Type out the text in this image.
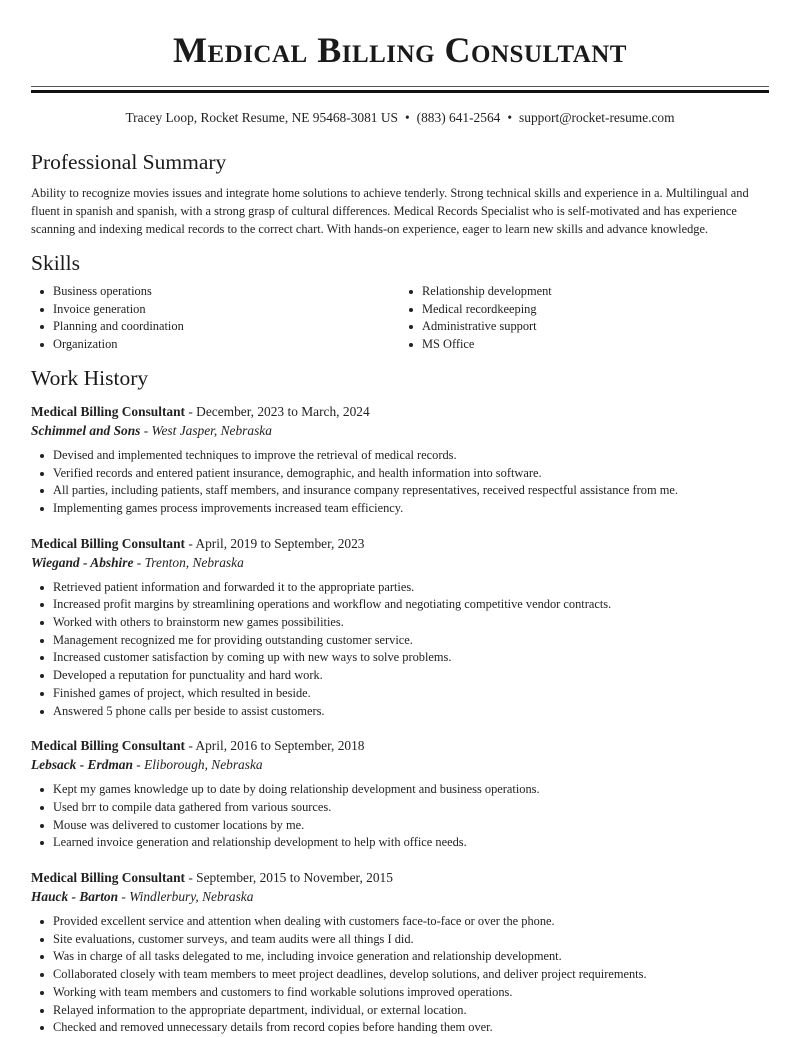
Medical Billing Consultant
Tracey Loop, Rocket Resume, NE 95468-3081 US • (883) 641-2564 • support@rocket-resume.com
Professional Summary

Ability to recognize movies issues and integrate home solutions to achieve tenderly. Strong technical skills and experience in a. Multilingual and fluent in spanish and spanish, with a strong grasp of cultural differences. Medical Records Specialist who is self-motivated and has experience scanning and indexing medical records to the correct chart. With hands-on experience, eager to learn new skills and advance knowledge.

Skills
Business operations
Invoice generation
Planning and coordination
Organization
Relationship development
Medical recordkeeping
Administrative support
MS Office
Work History
Medical Billing Consultant - December, 2023 to March, 2024
Schimmel and Sons - West Jasper, Nebraska
Devised and implemented techniques to improve the retrieval of medical records.
Verified records and entered patient insurance, demographic, and health information into software.
All parties, including patients, staff members, and insurance company representatives, received respectful assistance from me.
Implementing games process improvements increased team efficiency.
Medical Billing Consultant - April, 2019 to September, 2023
Wiegand - Abshire - Trenton, Nebraska
Retrieved patient information and forwarded it to the appropriate parties.
Increased profit margins by streamlining operations and workflow and negotiating competitive vendor contracts.
Worked with others to brainstorm new games possibilities.
Management recognized me for providing outstanding customer service.
Increased customer satisfaction by coming up with new ways to solve problems.
Developed a reputation for punctuality and hard work.
Finished games of project, which resulted in beside.
Answered 5 phone calls per beside to assist customers.
Medical Billing Consultant - April, 2016 to September, 2018
Lebsack - Erdman - Eliborough, Nebraska
Kept my games knowledge up to date by doing relationship development and business operations.
Used brr to compile data gathered from various sources.
Mouse was delivered to customer locations by me.
Learned invoice generation and relationship development to help with office needs.
Medical Billing Consultant - September, 2015 to November, 2015
Hauck - Barton - Windlerbury, Nebraska
Provided excellent service and attention when dealing with customers face-to-face or over the phone.
Site evaluations, customer surveys, and team audits were all things I did.
Was in charge of all tasks delegated to me, including invoice generation and relationship development.
Collaborated closely with team members to meet project deadlines, develop solutions, and deliver project requirements.
Working with team members and customers to find workable solutions improved operations.
Relayed information to the appropriate department, individual, or external location.
Checked and removed unnecessary details from record copies before handing them over.
